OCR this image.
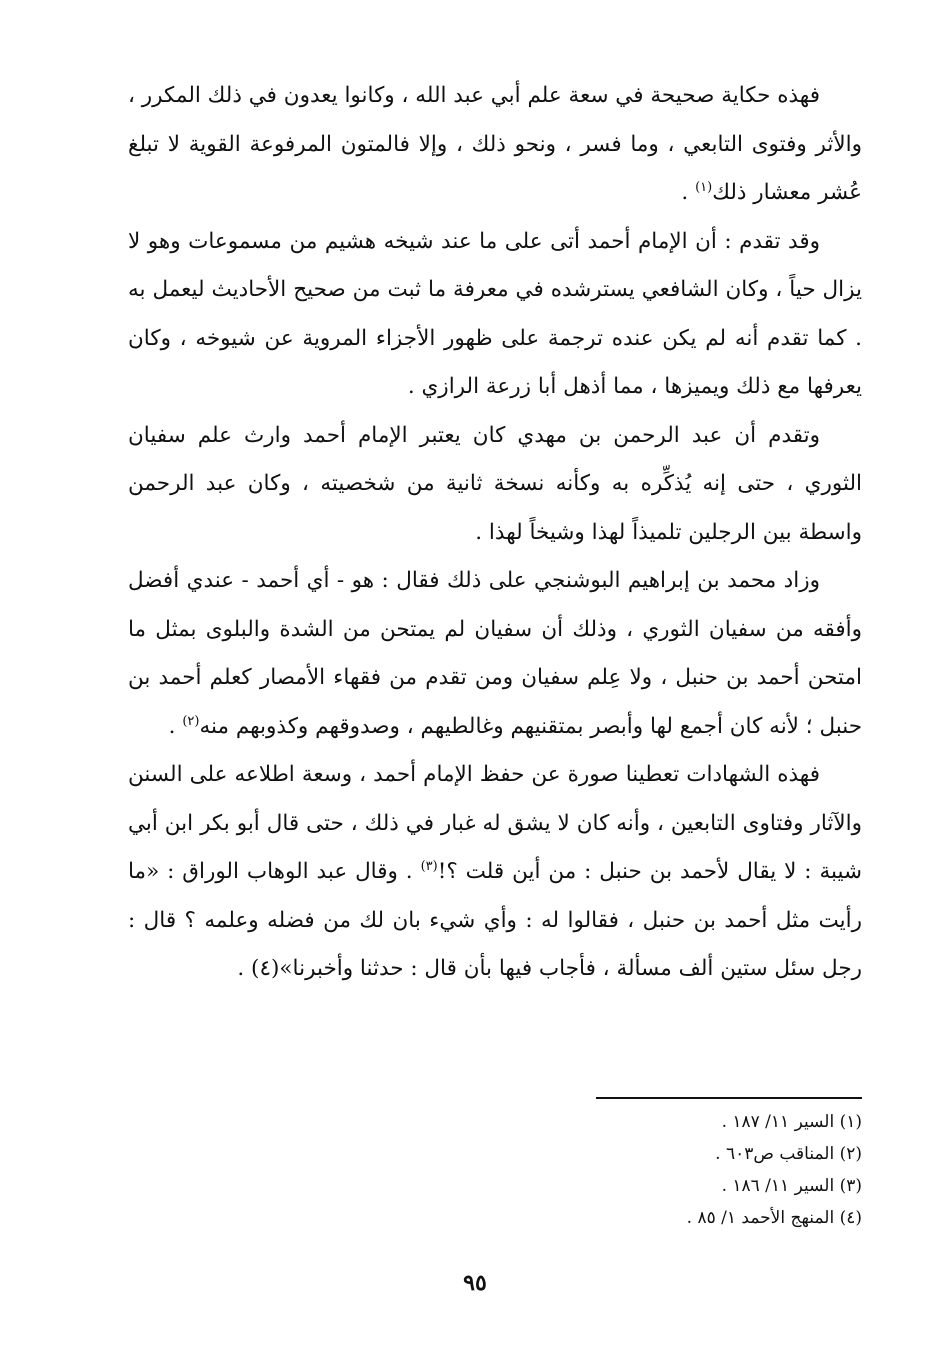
فهذه حكاية صحيحة في سعة علم أبي عبد الله ، وكانوا يعدون في ذلك المكرر ، والأثر وفتوى التابعي ، وما فسر ، ونحو ذلك ، وإلا فالمتون المرفوعة القوية لا تبلغ عُشر معشار ذلك$^{(١)}$ .

وقد تقدم : أن الإمام أحمد أتى على ما عند شيخه هشيم من مسموعات وهو لا يزال حياً ، وكان الشافعي يسترشده في معرفة ما ثبت من صحيح الأحاديث ليعمل به . كما تقدم أنه لم يكن عنده ترجمة على ظهور الأجزاء المروية عن شيوخه ، وكان يعرفها مع ذلك ويميزها ، مما أذهل أبا زرعة الرازي .

وتقدم أن عبد الرحمن بن مهدي كان يعتبر الإمام أحمد وارث علم سفيان الثوري ، حتى إنه يُذكِّره به وكأنه نسخة ثانية من شخصيته ، وكان عبد الرحمن واسطة بين الرجلين تلميذاً لهذا وشيخاً لهذا .

وزاد محمد بن إبراهيم البوشنجي على ذلك فقال : هو - أي أحمد - عندي أفضل وأفقه من سفيان الثوري ، وذلك أن سفيان لم يمتحن من الشدة والبلوى بمثل ما امتحن أحمد بن حنبل ، ولا عِلم سفيان ومن تقدم من فقهاء الأمصار كعلم أحمد بن حنبل ؛ لأنه كان أجمع لها وأبصر بمتقنيهم وغالطيهم ، وصدوقهم وكذوبهم منه$^{(٢)}$ .

فهذه الشهادات تعطينا صورة عن حفظ الإمام أحمد ، وسعة اطلاعه على السنن والآثار وفتاوى التابعين ، وأنه كان لا يشق له غبار في ذلك ، حتى قال أبو بكر ابن أبي شيبة : لا يقال لأحمد بن حنبل : من أين قلت ؟!$^{(٣)}$ . وقال عبد الوهاب الوراق : «ما رأيت مثل أحمد بن حنبل ، فقالوا له : وأي شيء بان لك من فضله وعلمه ؟ قال : رجل سئل ستين ألف مسألة ، فأجاب فيها بأن قال : حدثنا وأخبرنا»(٤) .

(١) السير ١١/ ١٨٧ .
(٢) المناقب ص٦٠٣ .
(٣) السير ١١/ ١٨٦ .
(٤) المنهج الأحمد ١/ ٨٥ .
٩٥
